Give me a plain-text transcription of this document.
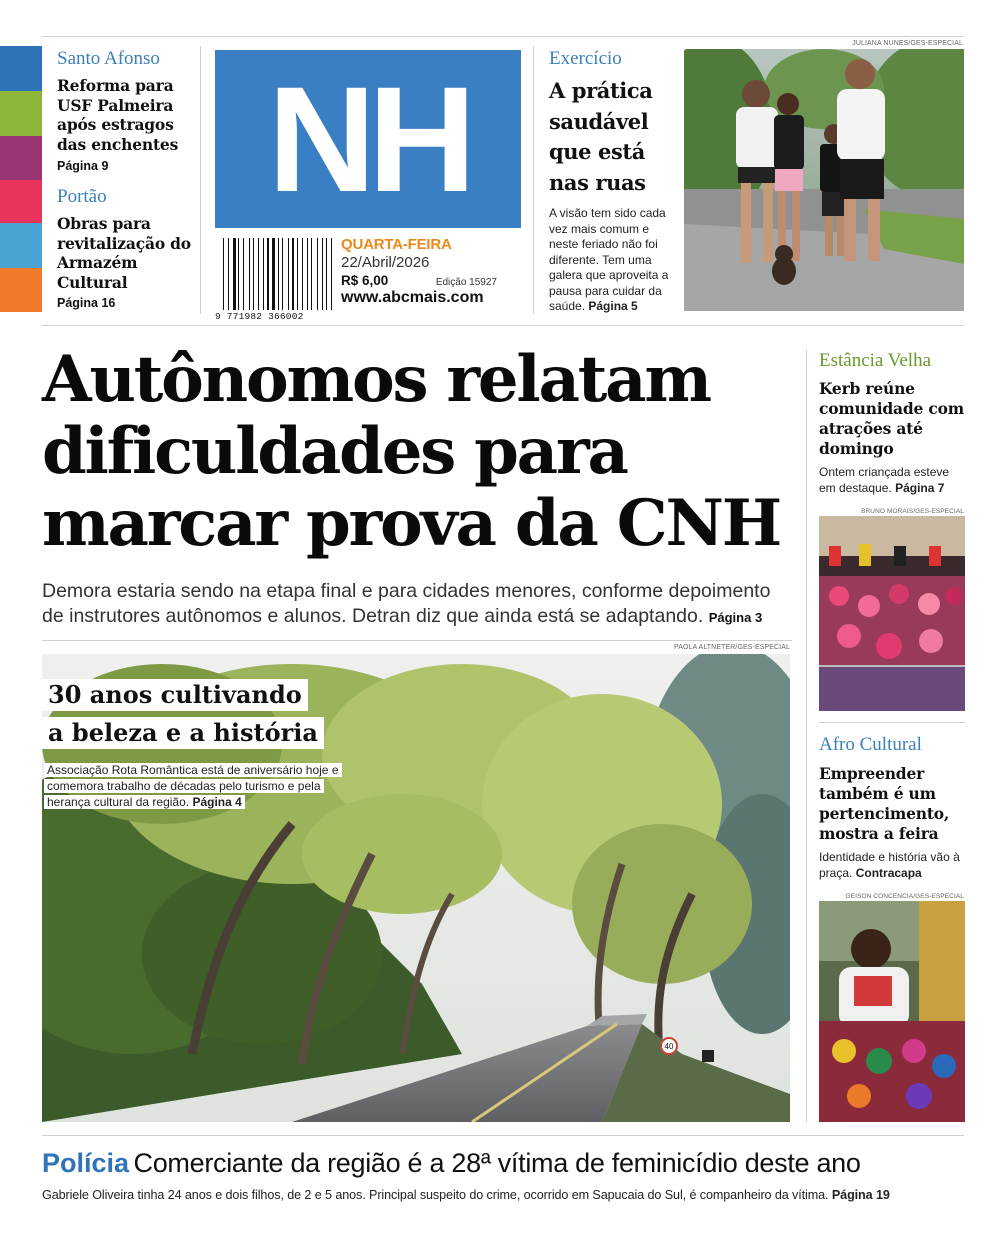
Santo Afonso
Reforma para USF Palmeira após estragos das enchentes
Página 9
Portão
Obras para revitalização do Armazém Cultural
Página 16
NH
9 771982 366002
QUARTA-FEIRA
22/Abril/2026
R$ 6,00	Edição 15927
www.abcmais.com
Exercício
A prática saudável que está nas ruas
A visão tem sido cada vez mais comum e neste feriado não foi diferente. Tem uma galera que aproveita a pausa para cuidar da saúde. Página 5
JULIANA NUNES/GES-ESPECIAL
Autônomos relatam dificuldades para marcar prova da CNH
Demora estaria sendo na etapa final e para cidades menores, conforme depoimento de instrutores autônomos e alunos. Detran diz que ainda está se adaptando. Página 3
PAOLA ALTNETER/GES-ESPECIAL
40
30 anos cultivando
a beleza e a história
Associação Rota Romântica está de aniversário hoje e comemora trabalho de décadas pelo turismo e pela herança cultural da região. Página 4
Estância Velha
Kerb reúne comunidade com atrações até domingo
Ontem criançada esteve em destaque. Página 7
BRUNO MORAIS/GES-ESPECIAL
Afro Cultural
Empreender também é um pertencimento, mostra a feira
Identidade e história vão à praça. Contracapa
GEISON CONCENCIA/GES-ESPECIAL
Polícia Comerciante da região é a 28ª vítima de feminicídio deste ano
Gabriele Oliveira tinha 24 anos e dois filhos, de 2 e 5 anos. Principal suspeito do crime, ocorrido em Sapucaia do Sul, é companheiro da vítima. Página 19
